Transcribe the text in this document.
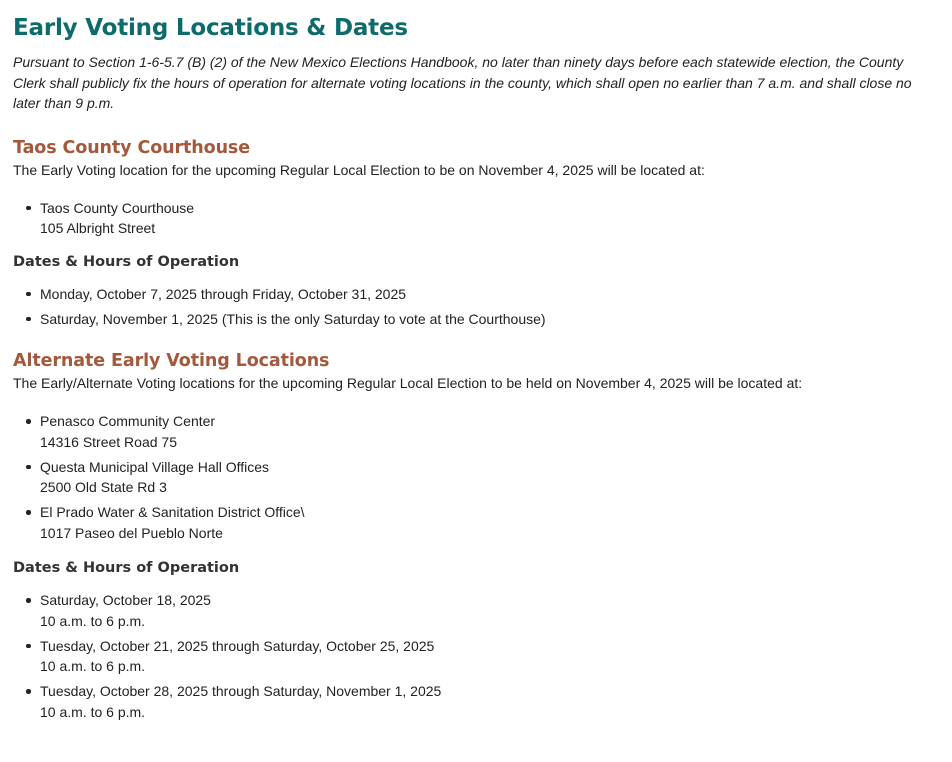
Early Voting Locations & Dates

Pursuant to Section 1-6-5.7 (B) (2) of the New Mexico Elections Handbook, no later than ninety days before each statewide election, the County Clerk shall publicly fix the hours of operation for alternate voting locations in the county, which shall open no earlier than 7 a.m. and shall close no later than 9 p.m.

Taos County Courthouse

The Early Voting location for the upcoming Regular Local Election to be on November 4, 2025 will be located at:

Taos County Courthouse
105 Albright Street
Dates & Hours of Operation
Monday, October 7, 2025 through Friday, October 31, 2025
Saturday, November 1, 2025 (This is the only Saturday to vote at the Courthouse)
Alternate Early Voting Locations

The Early/Alternate Voting locations for the upcoming Regular Local Election to be held on November 4, 2025 will be located at:

Penasco Community Center
14316 Street Road 75
Questa Municipal Village Hall Offices
2500 Old State Rd 3
El Prado Water & Sanitation District Office\
1017 Paseo del Pueblo Norte
Dates & Hours of Operation
Saturday, October 18, 2025
10 a.m. to 6 p.m.
Tuesday, October 21, 2025 through Saturday, October 25, 2025
10 a.m. to 6 p.m.
Tuesday, October 28, 2025 through Saturday, November 1, 2025
10 a.m. to 6 p.m.
